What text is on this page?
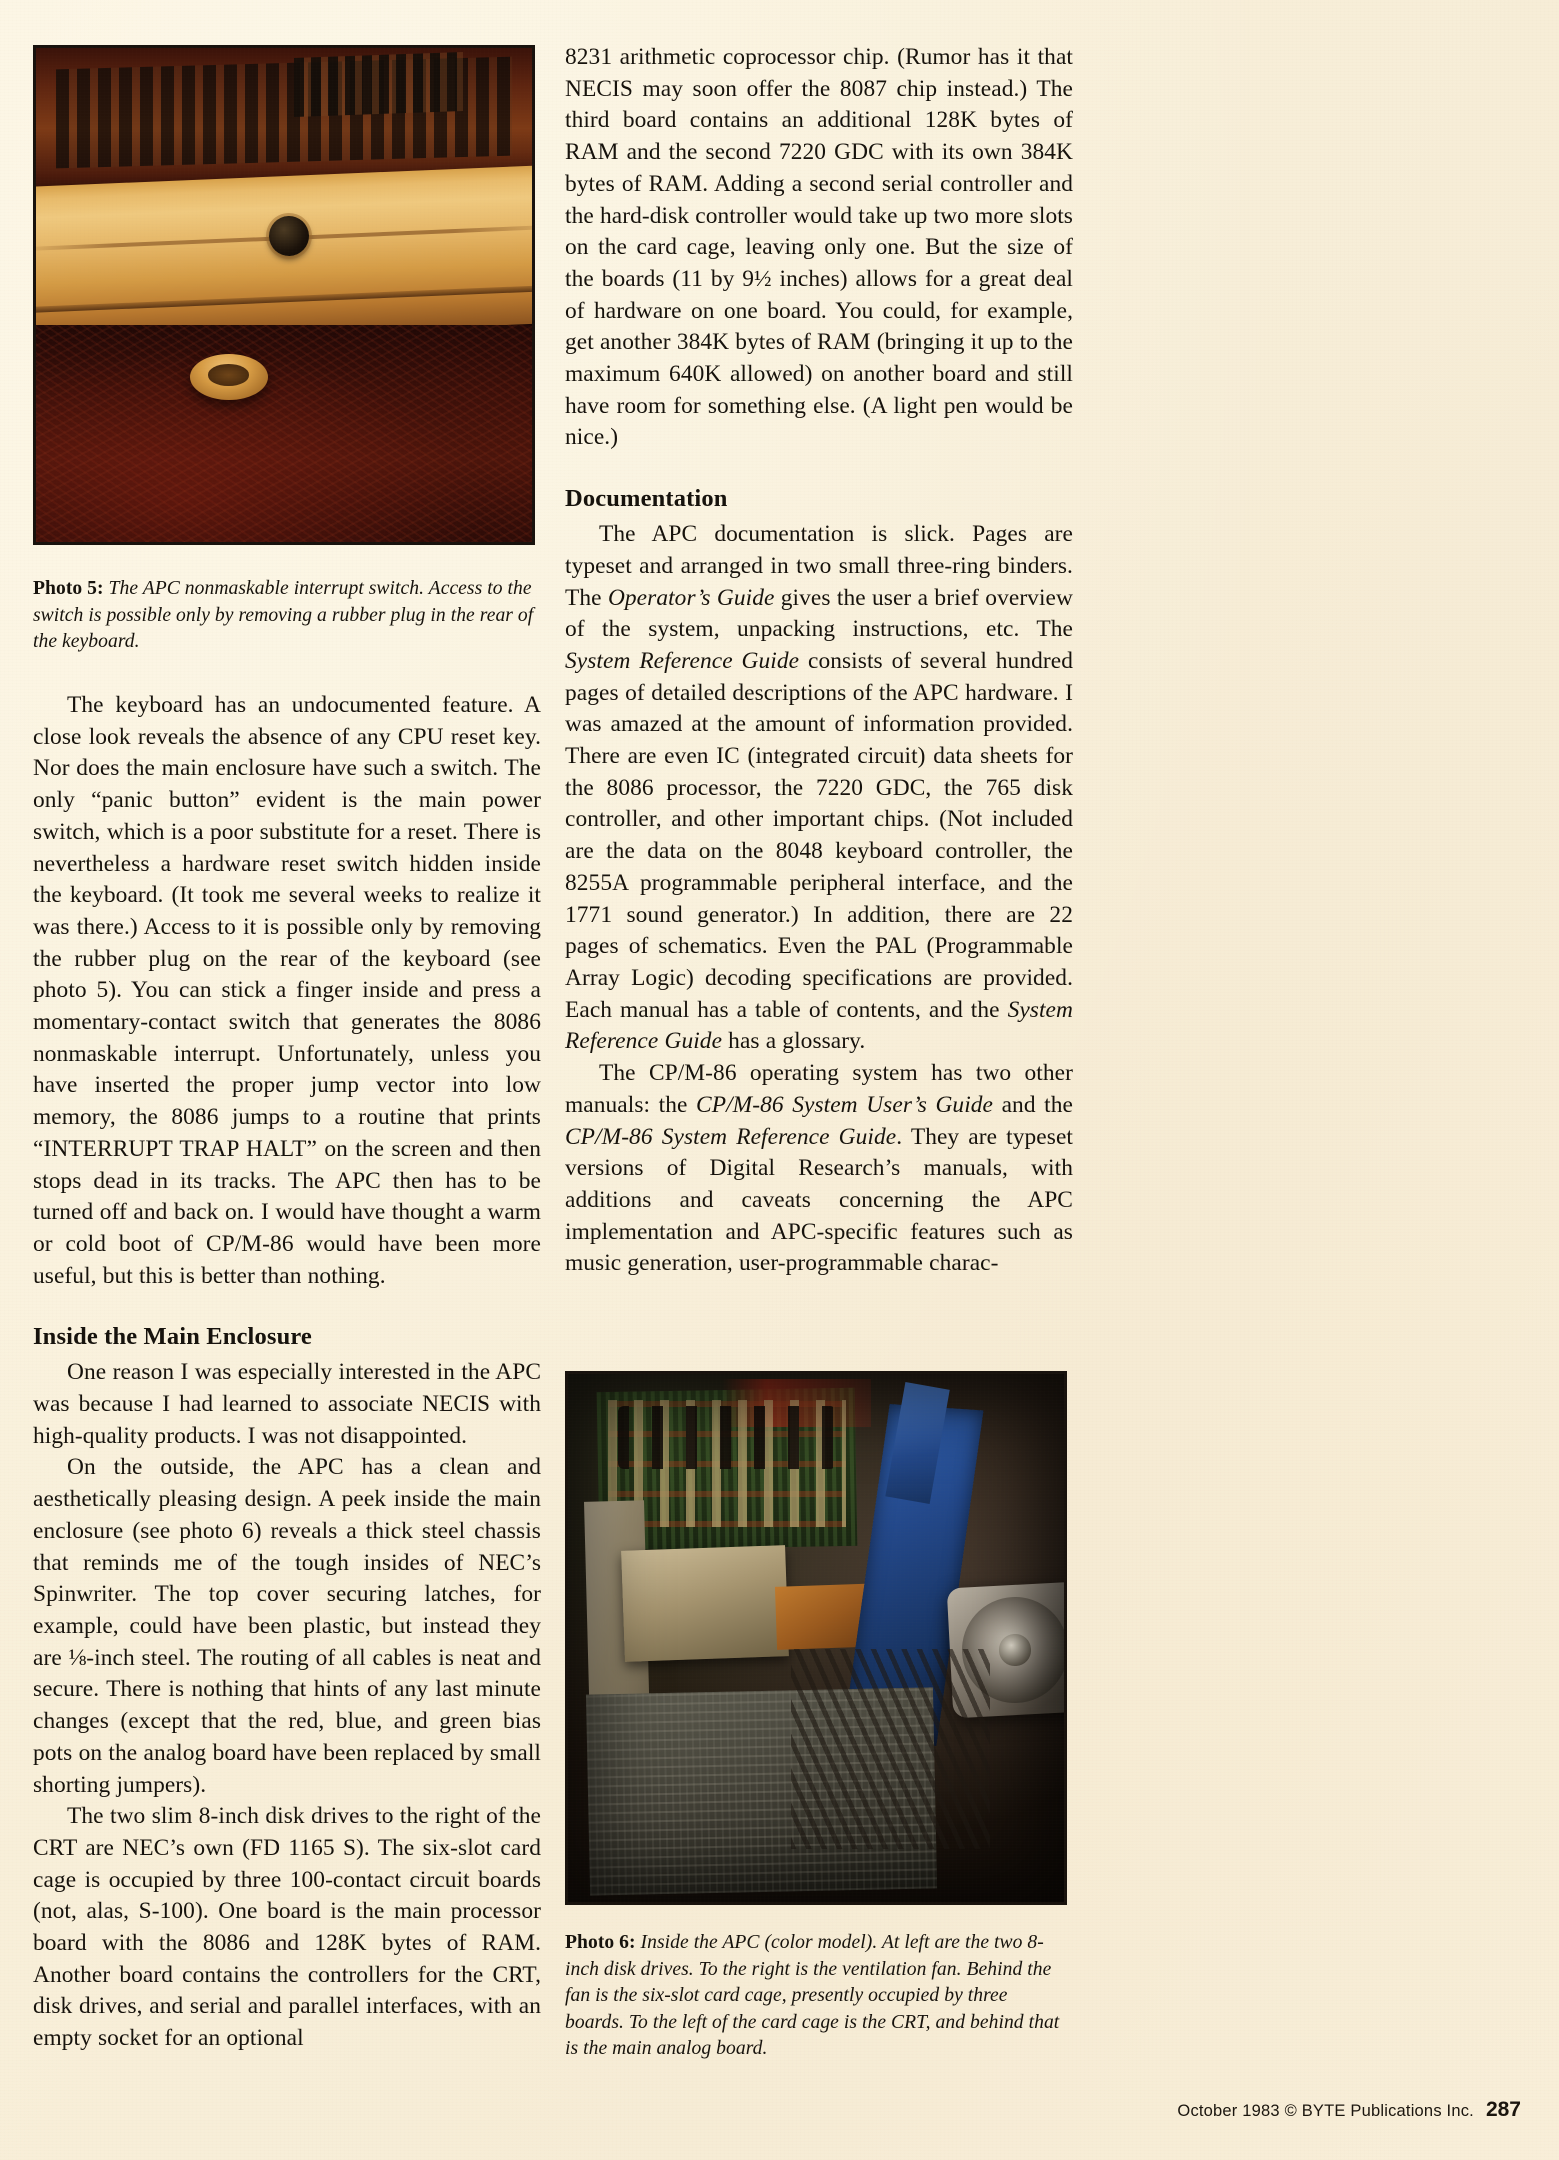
Photo 5: The APC nonmaskable interrupt switch. Access to the switch is possible only by removing a rubber plug in the rear of the keyboard.

The keyboard has an undocumented feature. A close look reveals the absence of any CPU reset key. Nor does the main enclosure have such a switch. The only “panic button” evident is the main power switch, which is a poor substitute for a reset. There is nevertheless a hardware reset switch hidden inside the keyboard. (It took me several weeks to realize it was there.) Access to it is possible only by removing the rubber plug on the rear of the keyboard (see photo 5). You can stick a finger inside and press a momentary-contact switch that generates the 8086 nonmaskable interrupt. Unfortunately, unless you have inserted the proper jump vector into low memory, the 8086 jumps to a routine that prints “INTERRUPT TRAP HALT” on the screen and then stops dead in its tracks. The APC then has to be turned off and back on. I would have thought a warm or cold boot of CP/M-86 would have been more useful, but this is better than nothing.

Inside the Main Enclosure

One reason I was especially interested in the APC was because I had learned to associate NECIS with high-quality products. I was not disappointed.

On the outside, the APC has a clean and aesthetically pleasing design. A peek inside the main enclosure (see photo 6) reveals a thick steel chassis that reminds me of the tough insides of NEC’s Spinwriter. The top cover securing latches, for example, could have been plastic, but instead they are ⅛-inch steel. The routing of all cables is neat and secure. There is nothing that hints of any last minute changes (except that the red, blue, and green bias pots on the analog board have been replaced by small shorting jumpers).

The two slim 8-inch disk drives to the right of the CRT are NEC’s own (FD 1165 S). The six-slot card cage is occupied by three 100-contact circuit boards (not, alas, S-100). One board is the main processor board with the 8086 and 128K bytes of RAM. Another board contains the controllers for the CRT, disk drives, and serial and parallel interfaces, with an empty socket for an optional

8231 arithmetic coprocessor chip. (Rumor has it that NECIS may soon offer the 8087 chip instead.) The third board contains an additional 128K bytes of RAM and the second 7220 GDC with its own 384K bytes of RAM. Adding a second serial controller and the hard-disk controller would take up two more slots on the card cage, leaving only one. But the size of the boards (11 by 9½ inches) allows for a great deal of hardware on one board. You could, for example, get another 384K bytes of RAM (bringing it up to the maximum 640K allowed) on another board and still have room for something else. (A light pen would be nice.)

Documentation

The APC documentation is slick. Pages are typeset and arranged in two small three-ring binders. The Operator’s Guide gives the user a brief overview of the system, unpacking instructions, etc. The System Reference Guide consists of several hundred pages of detailed descriptions of the APC hardware. I was amazed at the amount of information provided. There are even IC (integrated circuit) data sheets for the 8086 processor, the 7220 GDC, the 765 disk controller, and other important chips. (Not included are the data on the 8048 keyboard controller, the 8255A programmable peripheral interface, and the 1771 sound generator.) In addition, there are 22 pages of schematics. Even the PAL (Programmable Array Logic) decoding specifications are provided. Each manual has a table of contents, and the System Reference Guide has a glossary.

The CP/M-86 operating system has two other manuals: the CP/M-86 System User’s Guide and the CP/M-86 System Reference Guide. They are typeset versions of Digital Research’s manuals, with additions and caveats concerning the APC implementation and APC-specific features such as music generation, user-programmable charac-

Photo 6: Inside the APC (color model). At left are the two 8-inch disk drives. To the right is the ventilation fan. Behind the fan is the six-slot card cage, presently occupied by three boards. To the left of the card cage is the CRT, and behind that is the main analog board.
October 1983 © BYTE Publications Inc. 287
